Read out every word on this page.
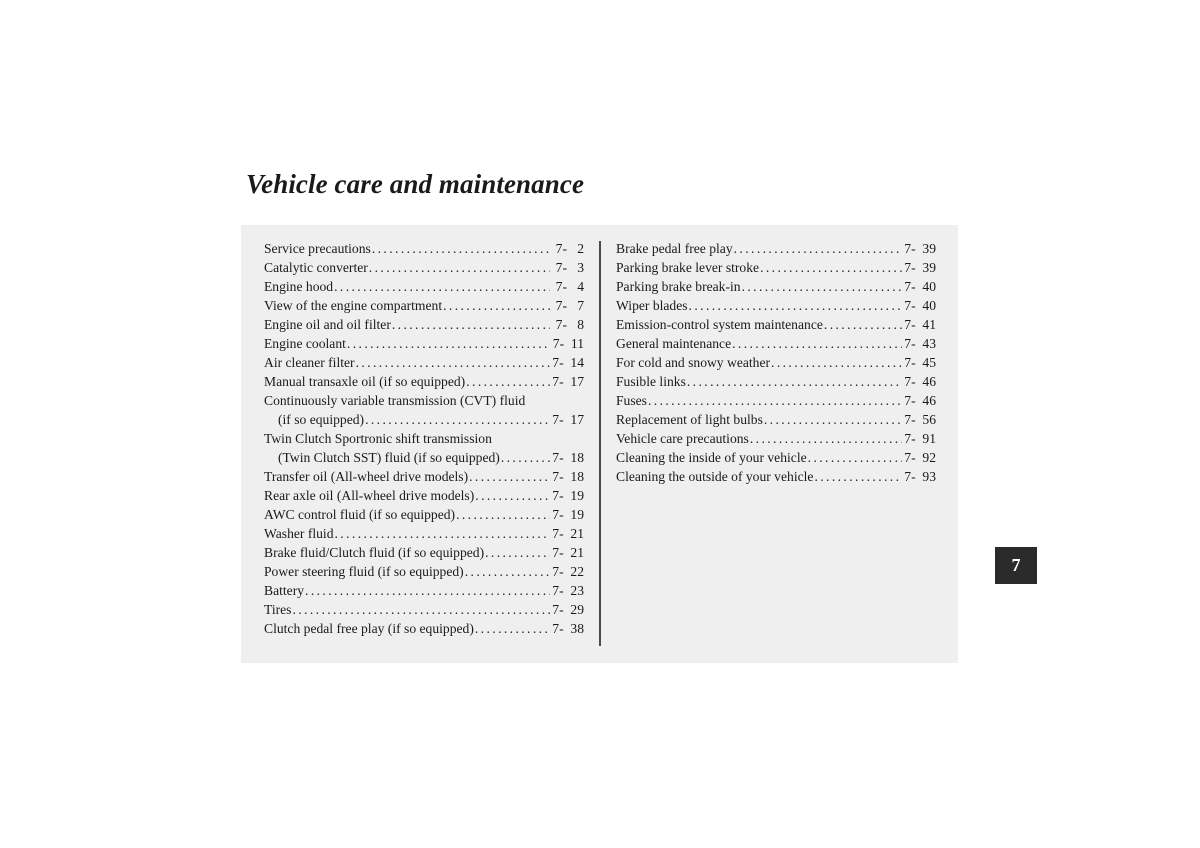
Vehicle care and maintenance
Service precautions . . .	7-   2
Catalytic converter . . .	7-   3
Engine hood . . .	7-   4
View of the engine compartment . . .	7-   7
Engine oil and oil filter . . .	7-   8
Engine coolant . . .	7-  11
Air cleaner filter . . .	7-  14
Manual transaxle oil (if so equipped) . . .	7-  17
Continuously variable transmission (CVT) fluid
(if so equipped) . . .	7-  17
Twin Clutch Sportronic shift transmission
(Twin Clutch SST) fluid (if so equipped) . . .	7-  18
Transfer oil (All-wheel drive models) . . .	7-  18
Rear axle oil (All-wheel drive models) . . .	7-  19
AWC control fluid (if so equipped) . . .	7-  19
Washer fluid . . .	7-  21
Brake fluid/Clutch fluid (if so equipped) . . .	7-  21
Power steering fluid (if so equipped) . . .	7-  22
Battery . . .	7-  23
Tires . . .	7-  29
Clutch pedal free play (if so equipped) . . .	7-  38
Brake pedal free play . . .	7-  39
Parking brake lever stroke . . .	7-  39
Parking brake break-in . . .	7-  40
Wiper blades . . .	7-  40
Emission-control system maintenance . . .	7-  41
General maintenance . . .	7-  43
For cold and snowy weather . . .	7-  45
Fusible links . . .	7-  46
Fuses . . .	7-  46
Replacement of light bulbs . . .	7-  56
Vehicle care precautions . . .	7-  91
Cleaning the inside of your vehicle . . .	7-  92
Cleaning the outside of your vehicle . . .	7-  93
7
